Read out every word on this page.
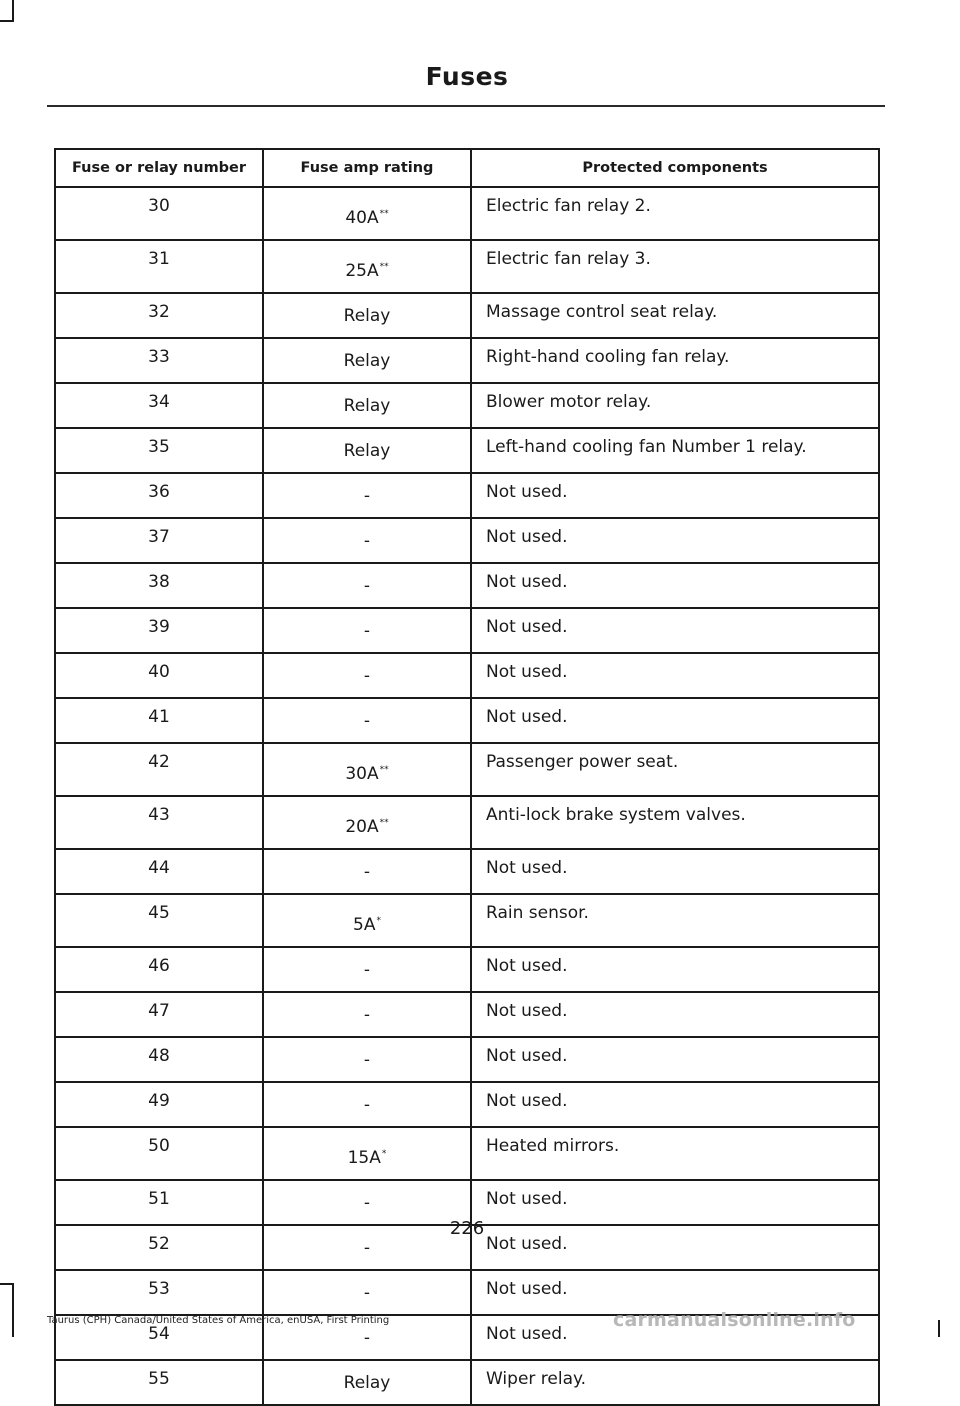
Fuses
Fuse or relay number	Fuse amp rating	Protected components
30	40A**	Electric fan relay 2.
31	25A**	Electric fan relay 3.
32	Relay	Massage control seat relay.
33	Relay	Right-hand cooling fan relay.
34	Relay	Blower motor relay.
35	Relay	Left-hand cooling fan Number 1 relay.
36	-	Not used.
37	-	Not used.
38	-	Not used.
39	-	Not used.
40	-	Not used.
41	-	Not used.
42	30A**	Passenger power seat.
43	20A**	Anti-lock brake system valves.
44	-	Not used.
45	5A*	Rain sensor.
46	-	Not used.
47	-	Not used.
48	-	Not used.
49	-	Not used.
50	15A*	Heated mirrors.
51	-	Not used.
52	-	Not used.
53	-	Not used.
54	-	Not used.
55	Relay	Wiper relay.
226
Taurus (CPH) Canada/United States of America, enUSA, First Printing	carmanualsonline.info
